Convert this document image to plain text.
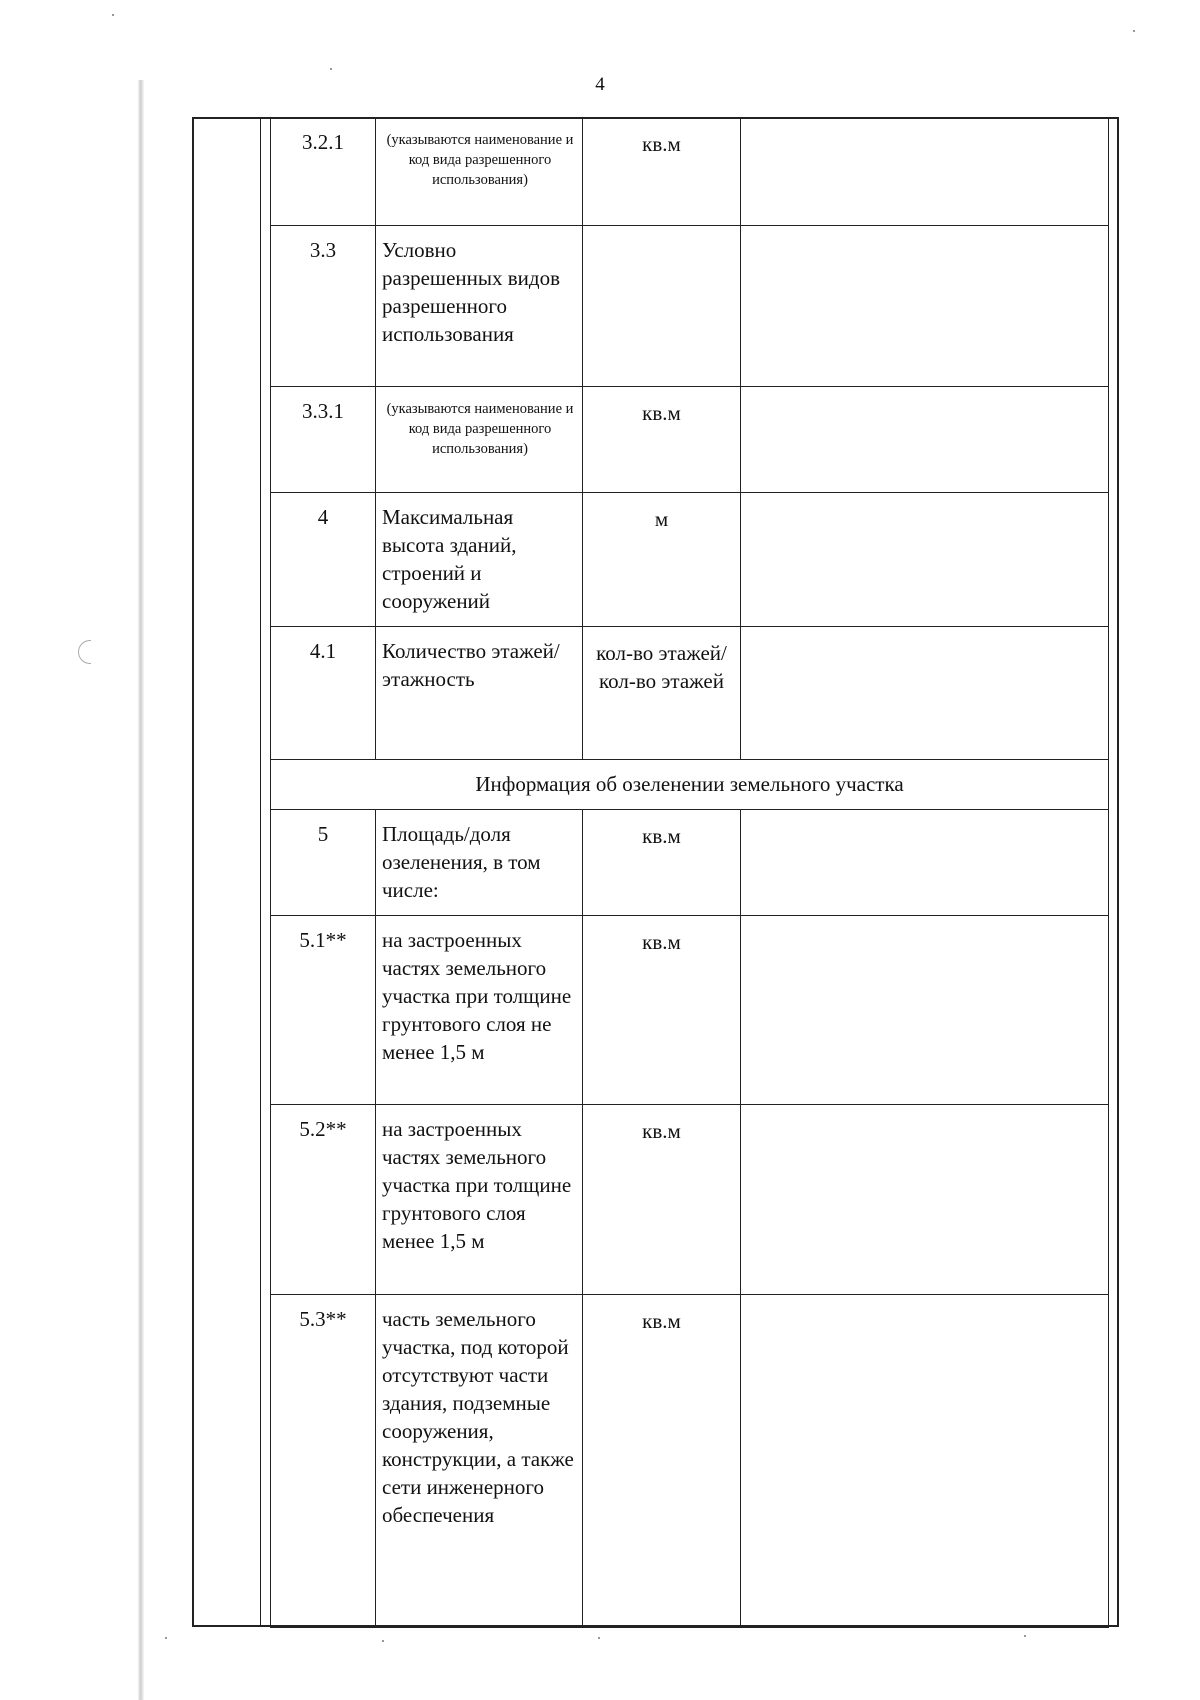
4
3.2.1	(указываются наименование и код вида разрешенного использования)	кв.м	
3.3	Условно разрешенных видов разрешенного использования		
3.3.1	(указываются наименование и код вида разрешенного использования)	кв.м	
4	Максимальная высота зданий, строений и сооружений	м	
4.1	Количество этажей/этажность	кол-во этажей/ кол-во этажей	
Информация об озеленении земельного участка			
5	Площадь/доля озеленения, в том числе:	кв.м	
5.1**	на застроенных частях земельного участка при толщине грунтового слоя не менее 1,5 м	кв.м	
5.2**	на застроенных частях земельного участка при толщине грунтового слоя менее 1,5 м	кв.м	
5.3**	часть земельного участка, под которой отсутствуют части здания, подземные сооружения, конструкции, а также сети инженерного обеспечения	кв.м	
